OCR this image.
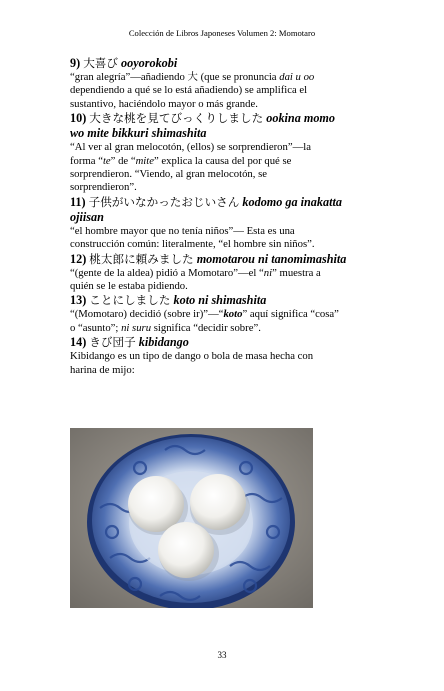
Colección de Libros Japoneses Volumen 2: Momotaro

9) 大喜び ooyorokobi

“gran alegría”—añadiendo 大 (que se pronuncia dai u oo

dependiendo a qué se lo está añadiendo) se amplifica el

sustantivo, haciéndolo mayor o más grande.

10) 大きな桃を見てびっくりしました ookina momo

wo mite bikkuri shimashita

“Al ver al gran melocotón, (ellos) se sorprendieron”—la

forma “te” de “mite” explica la causa del por qué se

sorprendieron. “Viendo, al gran melocotón, se

sorprendieron”.

11) 子供がいなかったおじいさん kodomo ga inakatta

ojiisan

“el hombre mayor que no tenía niños”— Esta es una

construcción común: literalmente, “el hombre sin niños”.

12) 桃太郎に頼みました momotarou ni tanomimashita

“(gente de la aldea) pidió a Momotaro”—el “ni” muestra a

quién se le estaba pidiendo.

13) ことにしました koto ni shimashita

“(Momotaro) decidió (sobre ir)”—“koto” aquí significa “cosa”

o “asunto”; ni suru significa “decidir sobre”.

14) きび団子 kibidango

Kibidango es un tipo de dango o bola de masa hecha con

harina de mijo:

33
